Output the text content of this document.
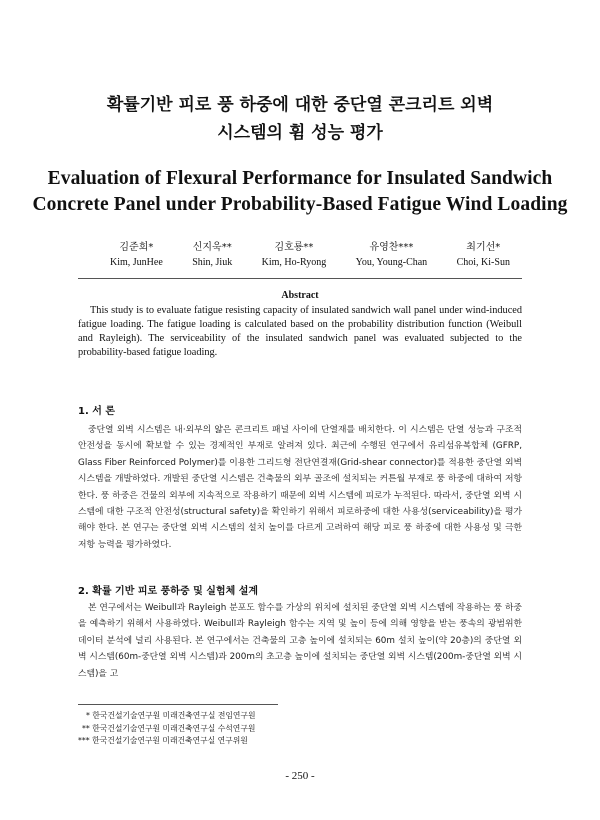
확률기반 피로 풍 하중에 대한 중단열 콘크리트 외벽
시스템의 휨 성능 평가
Evaluation of Flexural Performance for Insulated Sandwich
Concrete Panel under Probability-Based Fatigue Wind Loading
김준희*
Kim, JunHee
신지욱**
Shin, Jiuk
김호룡**
Kim, Ho-Ryong
유영찬***
You, Young-Chan
최기선*
Choi, Ki-Sun
Abstract
This study is to evaluate fatigue resisting capacity of insulated sandwich wall panel under wind-induced fatigue loading. The fatigue loading is calculated based on the probability distribution function (Weibull and Rayleigh). The serviceability of the insulated sandwich panel was evaluated subjected to the probability-based fatigue loading.
1. 서 론
중단열 외벽 시스템은 내·외부의 얇은 콘크리트 패널 사이에 단열재를 배치한다. 이 시스템은 단열 성능과 구조적 안전성을 동시에 확보할 수 있는 경제적인 부재로 알려져 있다. 최근에 수행된 연구에서 유리섬유복합체 (GFRP, Glass Fiber Reinforced Polymer)를 이용한 그리드형 전단연결재(Grid-shear connector)를 적용한 중단열 외벽 시스템을 개발하였다. 개발된 중단열 시스템은 건축물의 외부 골조에 설치되는 커튼월 부재로 풍 하중에 대하여 저항한다. 풍 하중은 건물의 외부에 지속적으로 작용하기 때문에 외벽 시스템에 피로가 누적된다. 따라서, 중단열 외벽 시스템에 대한 구조적 안전성(structural safety)을 확인하기 위해서 피로하중에 대한 사용성(serviceability)을 평가해야 한다. 본 연구는 중단열 외벽 시스템의 설치 높이를 다르게 고려하여 해당 피로 풍 하중에 대한 사용성 및 극한 저항 능력을 평가하였다.
2. 확률 기반 피로 풍하중 및 실험체 설계
본 연구에서는 Weibull과 Rayleigh 분포도 함수를 가상의 위치에 설치된 중단열 외벽 시스템에 작용하는 풍 하중을 예측하기 위해서 사용하였다. Weibull과 Rayleigh 함수는 지역 및 높이 등에 의해 영향을 받는 풍속의 광범위한 데이터 분석에 널리 사용된다. 본 연구에서는 건축물의 고층 높이에 설치되는 60m 설치 높이(약 20층)의 중단열 외벽 시스템(60m-중단열 외벽 시스템)과 200m의 초고층 높이에 설치되는 중단열 외벽 시스템(200m-중단열 외벽 시스템)을 고
* 한국건설기술연구원 미래건축연구실 전임연구원
** 한국건설기술연구원 미래건축연구실 수석연구원
*** 한국건설기술연구원 미래건축연구실 연구위원
- 250 -
